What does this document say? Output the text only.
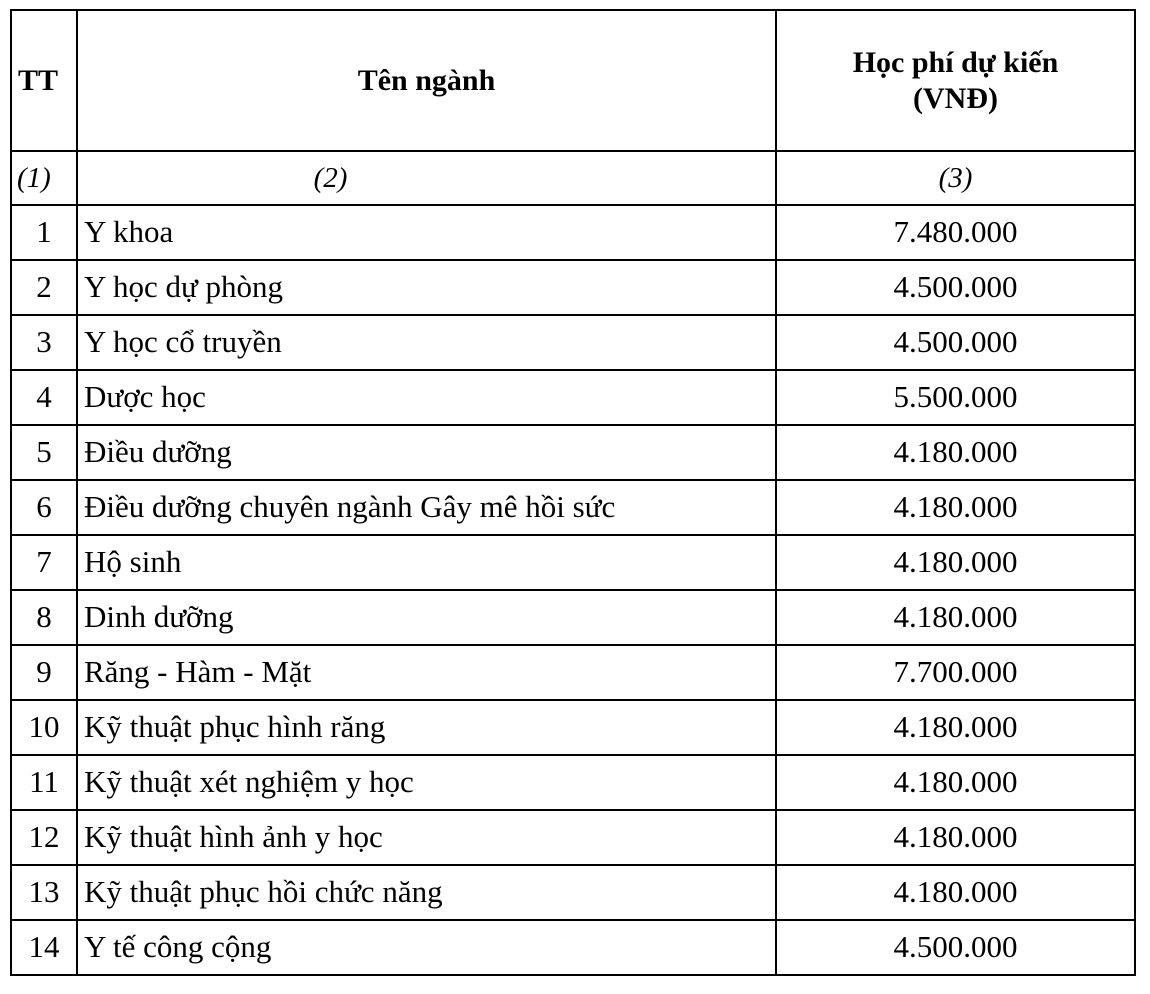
TT	Tên ngành	Học phí dự kiến
(VNĐ)

(1)	(2)	(3)
1	Y khoa	7.480.000
2	Y học dự phòng	4.500.000
3	Y học cổ truyền	4.500.000
4	Dược học	5.500.000
5	Điều dưỡng	4.180.000
6	Điều dưỡng chuyên ngành Gây mê hồi sức	4.180.000
7	Hộ sinh	4.180.000
8	Dinh dưỡng	4.180.000
9	Răng - Hàm - Mặt	7.700.000
10	Kỹ thuật phục hình răng	4.180.000
11	Kỹ thuật xét nghiệm y học	4.180.000
12	Kỹ thuật hình ảnh y học	4.180.000
13	Kỹ thuật phục hồi chức năng	4.180.000
14	Y tế công cộng	4.500.000
